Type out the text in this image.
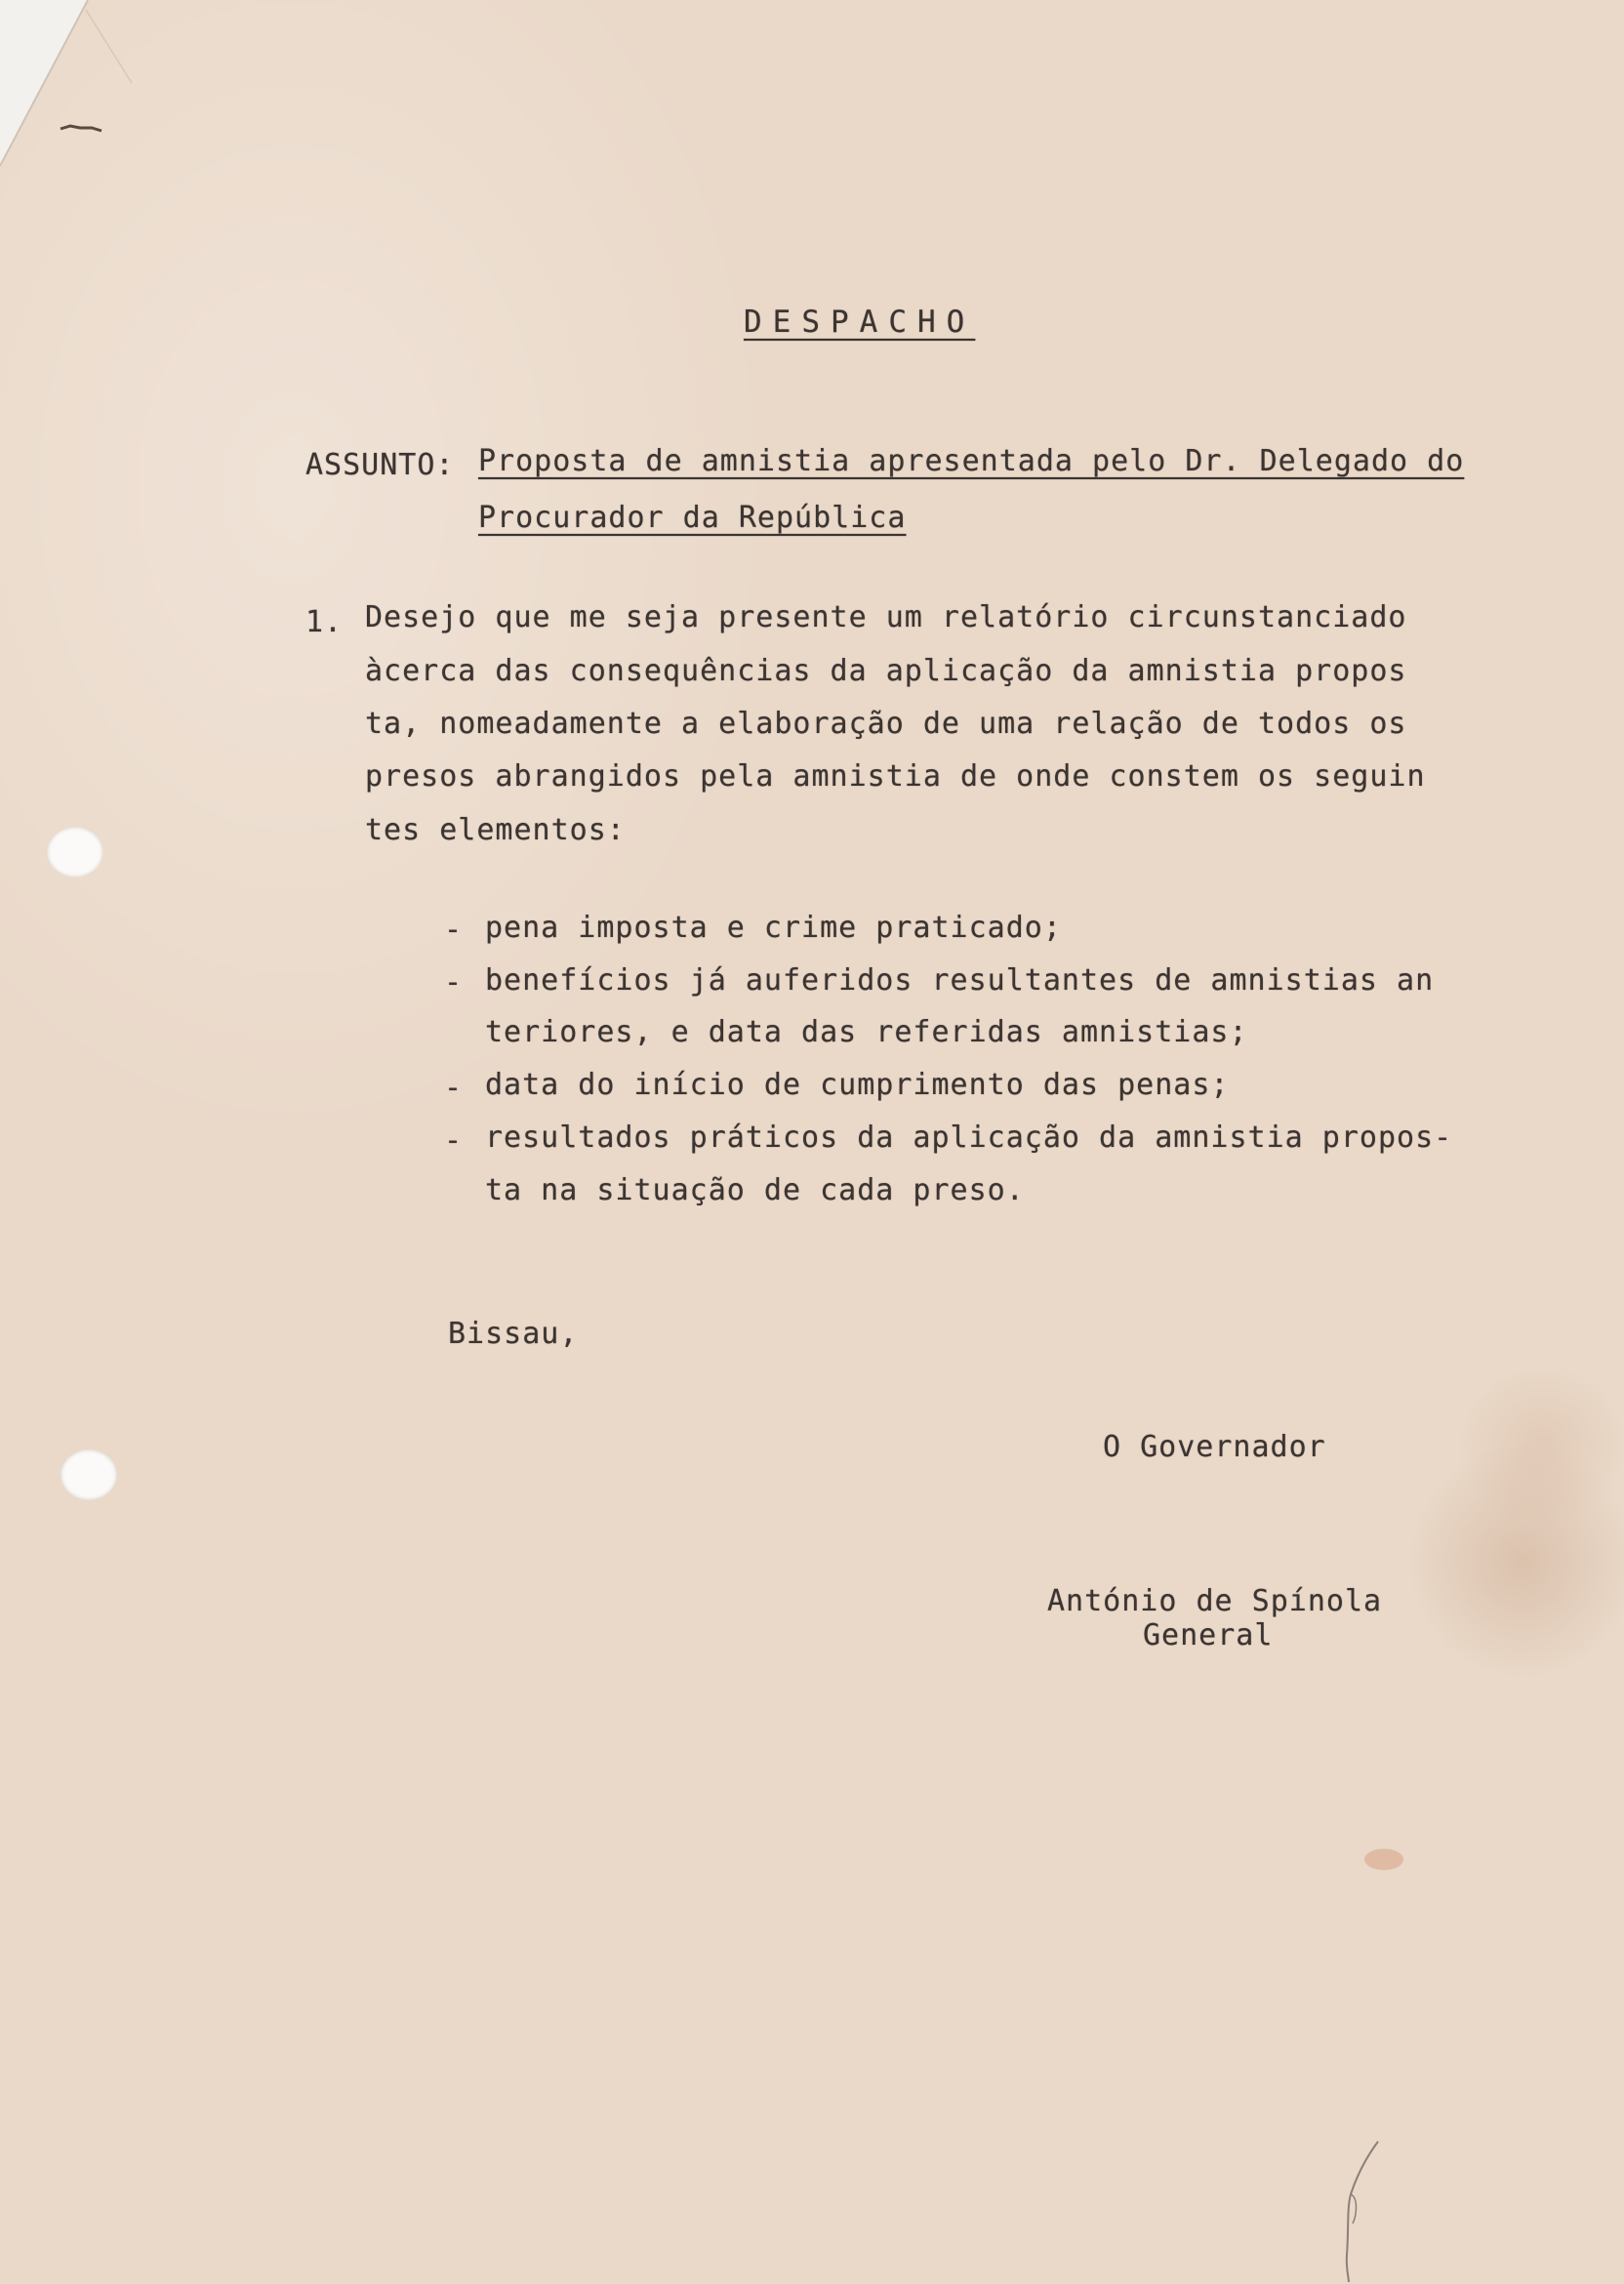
DESPACHO
ASSUNTO: Proposta de amnistia apresentada pelo Dr. Delegado do
Procurador da República
1. Desejo que me seja presente um relatório circunstanciado
àcerca das consequências da aplicação da amnistia propos
ta, nomeadamente a elaboração de uma relação de todos os
presos abrangidos pela amnistia de onde constem os seguin
tes elementos:
- pena imposta e crime praticado;
- benefícios já auferidos resultantes de amnistias an
teriores, e data das referidas amnistias;
- data do início de cumprimento das penas;
- resultados práticos da aplicação da amnistia propos-
ta na situação de cada preso.
Bissau,
O Governador
António de Spínola
General
